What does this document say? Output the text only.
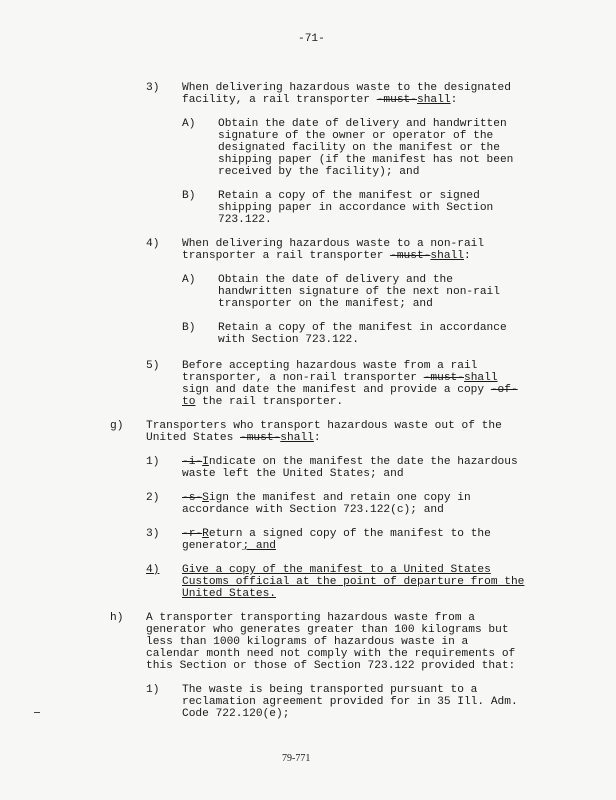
-71-
3) When delivering hazardous waste to the designated
facility, a rail transporter -must-shall:
A) Obtain the date of delivery and handwritten
signature of the owner or operator of the
designated facility on the manifest or the
shipping paper (if the manifest has not been
received by the facility); and
B) Retain a copy of the manifest or signed
shipping paper in accordance with Section
723.122.
4) When delivering hazardous waste to a non-rail
transporter a rail transporter -must-shall:
A) Obtain the date of delivery and the
handwritten signature of the next non-rail
transporter on the manifest; and
B) Retain a copy of the manifest in accordance
with Section 723.122.
5) Before accepting hazardous waste from a rail
transporter, a non-rail transporter -must-shall
sign and date the manifest and provide a copy -of-
to the rail transporter.
g) Transporters who transport hazardous waste out of the
United States -must-shall:
1) -i-Indicate on the manifest the date the hazardous
waste left the United States; and
2) -s-Sign the manifest and retain one copy in
accordance with Section 723.122(c); and
3) -r-Return a signed copy of the manifest to the
generator; and
4) Give a copy of the manifest to a United States
Customs official at the point of departure from the
United States.
h) A transporter transporting hazardous waste from a
generator who generates greater than 100 kilograms but
less than 1000 kilograms of hazardous waste in a
calendar month need not comply with the requirements of
this Section or those of Section 723.122 provided that:
1) The waste is being transported pursuant to a
reclamation agreement provided for in 35 Ill. Adm.
Code 722.120(e);
79-771
